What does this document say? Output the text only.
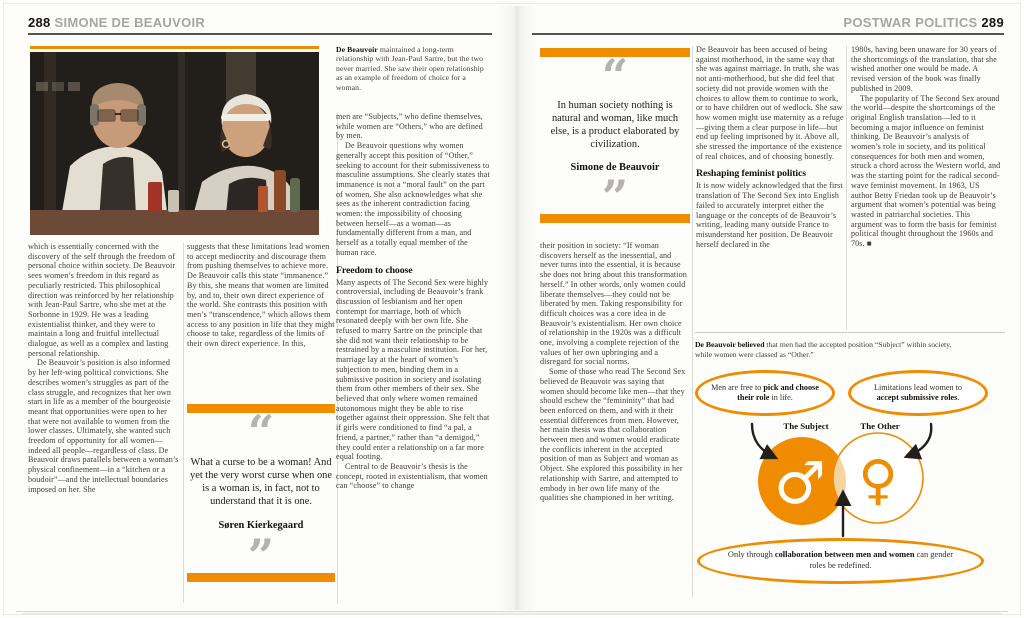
288 SIMONE DE BEAUVOIR

which is essentially concerned with the discovery of the self through the freedom of personal choice within society. De Beauvoir sees women’s freedom in this regard as peculiarly restricted. This philosophical direction was reinforced by her relationship with Jean-Paul Sartre, who she met at the Sorbonne in 1929. He was a leading existentialist thinker, and they were to maintain a long and fruitful intellectual dialogue, as well as a complex and lasting personal relationship.

De Beauvoir’s position is also informed by her left-wing political convictions. She describes women’s struggles as part of the class struggle, and recognizes that her own start in life as a member of the bourgeoisie meant that opportunities were open to her that were not available to women from the lower classes. Ultimately, she wanted such freedom of opportunity for all women—indeed all people—regardless of class. De Beauvoir draws parallels between a woman’s physical confinement—in a “kitchen or a boudoir”—and the intellectual boundaries imposed on her. She

suggests that these limitations lead women to accept mediocrity and discourage them from pushing themselves to achieve more. De Beauvoir calls this state “immanence.” By this, she means that women are limited by, and to, their own direct experience of the world. She contrasts this position with men’s “transcendence,” which allows them access to any position in life that they might choose to take, regardless of the limits of their own direct experience. In this,

“
What a curse to be a woman! And yet the very worst curse when one is a woman is, in fact, not to understand that it is one.
Søren Kierkegaard
”
De Beauvoir maintained a long-term relationship with Jean-Paul Sartre, but the two never married. She saw their open relationship as an example of freedom of choice for a woman.

men are “Subjects,” who define themselves, while women are “Others,” who are defined by men.

De Beauvoir questions why women generally accept this position of “Other,” seeking to account for their submissiveness to masculine assumptions. She clearly states that immanence is not a “moral fault” on the part of women. She also acknowledges what she sees as the inherent contradiction facing women: the impossibility of choosing between herself—as a woman—as fundamentally different from a man, and herself as a totally equal member of the human race.

Freedom to choose

Many aspects of The Second Sex were highly controversial, including de Beauvoir’s frank discussion of lesbianism and her open contempt for marriage, both of which resonated deeply with her own life. She refused to marry Sartre on the principle that she did not want their relationship to be restrained by a masculine institution. For her, marriage lay at the heart of women’s subjection to men, binding them in a submissive position in society and isolating them from other members of their sex. She believed that only where women remained autonomous might they be able to rise together against their oppression. She felt that if girls were conditioned to find “a pal, a friend, a partner,” rather than “a demigod,” they could enter a relationship on a far more equal footing.

Central to de Beauvoir’s thesis is the concept, rooted in existentialism, that women can “choose” to change

POSTWAR POLITICS 289
“
In human society nothing is natural and woman, like much else, is a product elaborated by civilization.
Simone de Beauvoir
”

their position in society: “If woman discovers herself as the inessential, and never turns into the essential, it is because she does not bring about this transformation herself.” In other words, only women could liberate themselves—they could not be liberated by men. Taking responsibility for difficult choices was a core idea in de Beauvoir’s existentialism. Her own choice of relationship in the 1920s was a difficult one, involving a complete rejection of the values of her own upbringing and a disregard for social norms.

Some of those who read The Second Sex believed de Beauvoir was saying that women should become like men—that they should eschew the “femininity” that had been enforced on them, and with it their essential differences from men. However, her main thesis was that collaboration between men and women would eradicate the conflicts inherent in the accepted position of man as Subject and woman as Object. She explored this possibility in her relationship with Sartre, and attempted to embody in her own life many of the qualities she championed in her writing.

De Beauvoir has been accused of being against motherhood, in the same way that she was against marriage. In truth, she was not anti-motherhood, but she did feel that society did not provide women with the choices to allow them to continue to work, or to have children out of wedlock. She saw how women might use maternity as a refuge—giving them a clear purpose in life—but end up feeling imprisoned by it. Above all, she stressed the importance of the existence of real choices, and of choosing honestly.

Reshaping feminist politics

It is now widely acknowledged that the first translation of The Second Sex into English failed to accurately interpret either the language or the concepts of de Beauvoir’s writing, leading many outside France to misunderstand her position. De Beauvoir herself declared in the

1980s, having been unaware for 30 years of the shortcomings of the translation, that she wished another one would be made. A revised version of the book was finally published in 2009.

The popularity of The Second Sex around the world—despite the shortcomings of the original English translation—led to it becoming a major influence on feminist thinking. De Beauvoir’s analysis of women’s role in society, and its political consequences for both men and women, struck a chord across the Western world, and was the starting point for the radical second-wave feminist movement. In 1963, US author Betty Friedan took up de Beauvoir’s argument that women’s potential was being wasted in patriarchal societies. This argument was to form the basis for feminist political thought throughout the 1960s and 70s. ■

De Beauvoir believed that men had the accepted position “Subject” within society, while women were classed as “Other.”
♂ ♀
Men are free to pick and choose their role in life.
Limitations lead women to accept submissive roles.
The Subject	The Other
Only through collaboration between men and women can gender roles be redefined.
